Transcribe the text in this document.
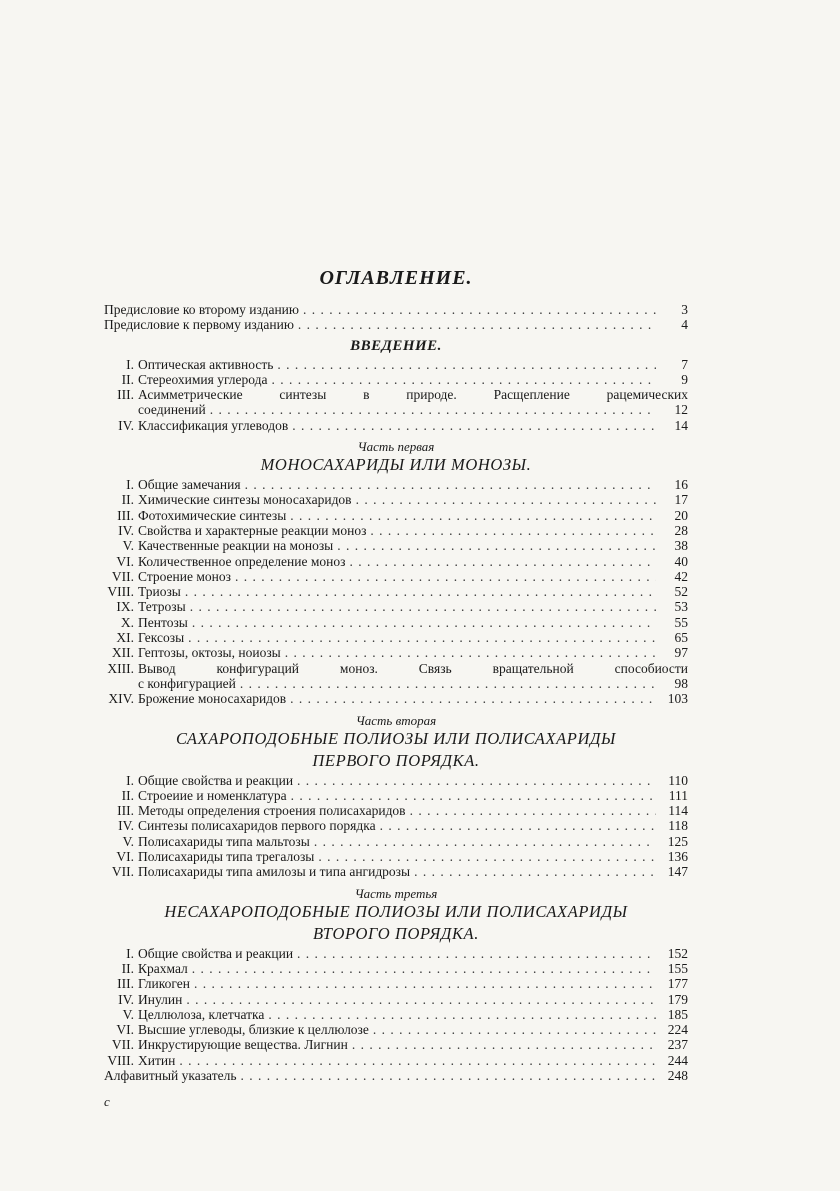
ОГЛАВЛЕНИЕ.
Предисловие ко второму изданию . . .	3
Предисловие к первому изданию . . .	4
ВВЕДЕНИЕ.
I. Оптическая активность . . .	7
II. Стереохимия углерода . . .	9
III. Асимметрические синтезы в природе. Расщепление рацемических
соединений . . .	12
IV. Классификация углеводов . . .	14
Часть первая
МОНОСАХАРИДЫ ИЛИ МОНОЗЫ.
I. Общие замечания . . .	16
II. Химические синтезы моносахаридов . . .	17
III. Фотохимические синтезы . . .	20
IV. Свойства и характерные реакции моноз . . .	28
V. Качественные реакции на монозы . . .	38
VI. Количественное определение моноз . . .	40
VII. Строение моноз . . .	42
VIII. Триозы . . .	52
IX. Тетрозы . . .	53
X. Пентозы . . .	55
XI. Гексозы . . .	65
XII. Гептозы, октозы, ноиозы . . .	97
XIII. Вывод конфигураций моноз. Связь вращательной способиости
с конфигурацией . . .	98
XIV. Брожение моносахаридов . . .	103
Часть вторая
САХАРОПОДОБНЫЕ ПОЛИОЗЫ ИЛИ ПОЛИСАХАРИДЫ
ПЕРВОГО ПОРЯДКА.
I. Общие свойства и реакции . . .	110
II. Строеиие и номенклатура . . .	111
III. Методы определения строения полисахаридов . . .	114
IV. Синтезы полисахаридов первого порядка . . .	118
V. Полисахариды типа мальтозы . . .	125
VI. Полисахариды типа трегалозы . . .	136
VII. Полисахариды типа амилозы и типа ангидрозы . . .	147
Часть третья
НЕСАХАРОПОДОБНЫЕ ПОЛИОЗЫ ИЛИ ПОЛИСАХАРИДЫ
ВТОРОГО ПОРЯДКА.
I. Общие свойства и реакции . . .	152
II. Крахмал . . .	155
III. Гликоген . . .	177
IV. Инулин . . .	179
V. Целлюлоза, клетчатка . . .	185
VI. Высшие углеводы, близкие к целлюлозе . . .	224
VII. Инкрустирующие вещества. Лигнин . . .	237
VIII. Хитин . . .	244
Алфавитный указатель . . .	248
с
